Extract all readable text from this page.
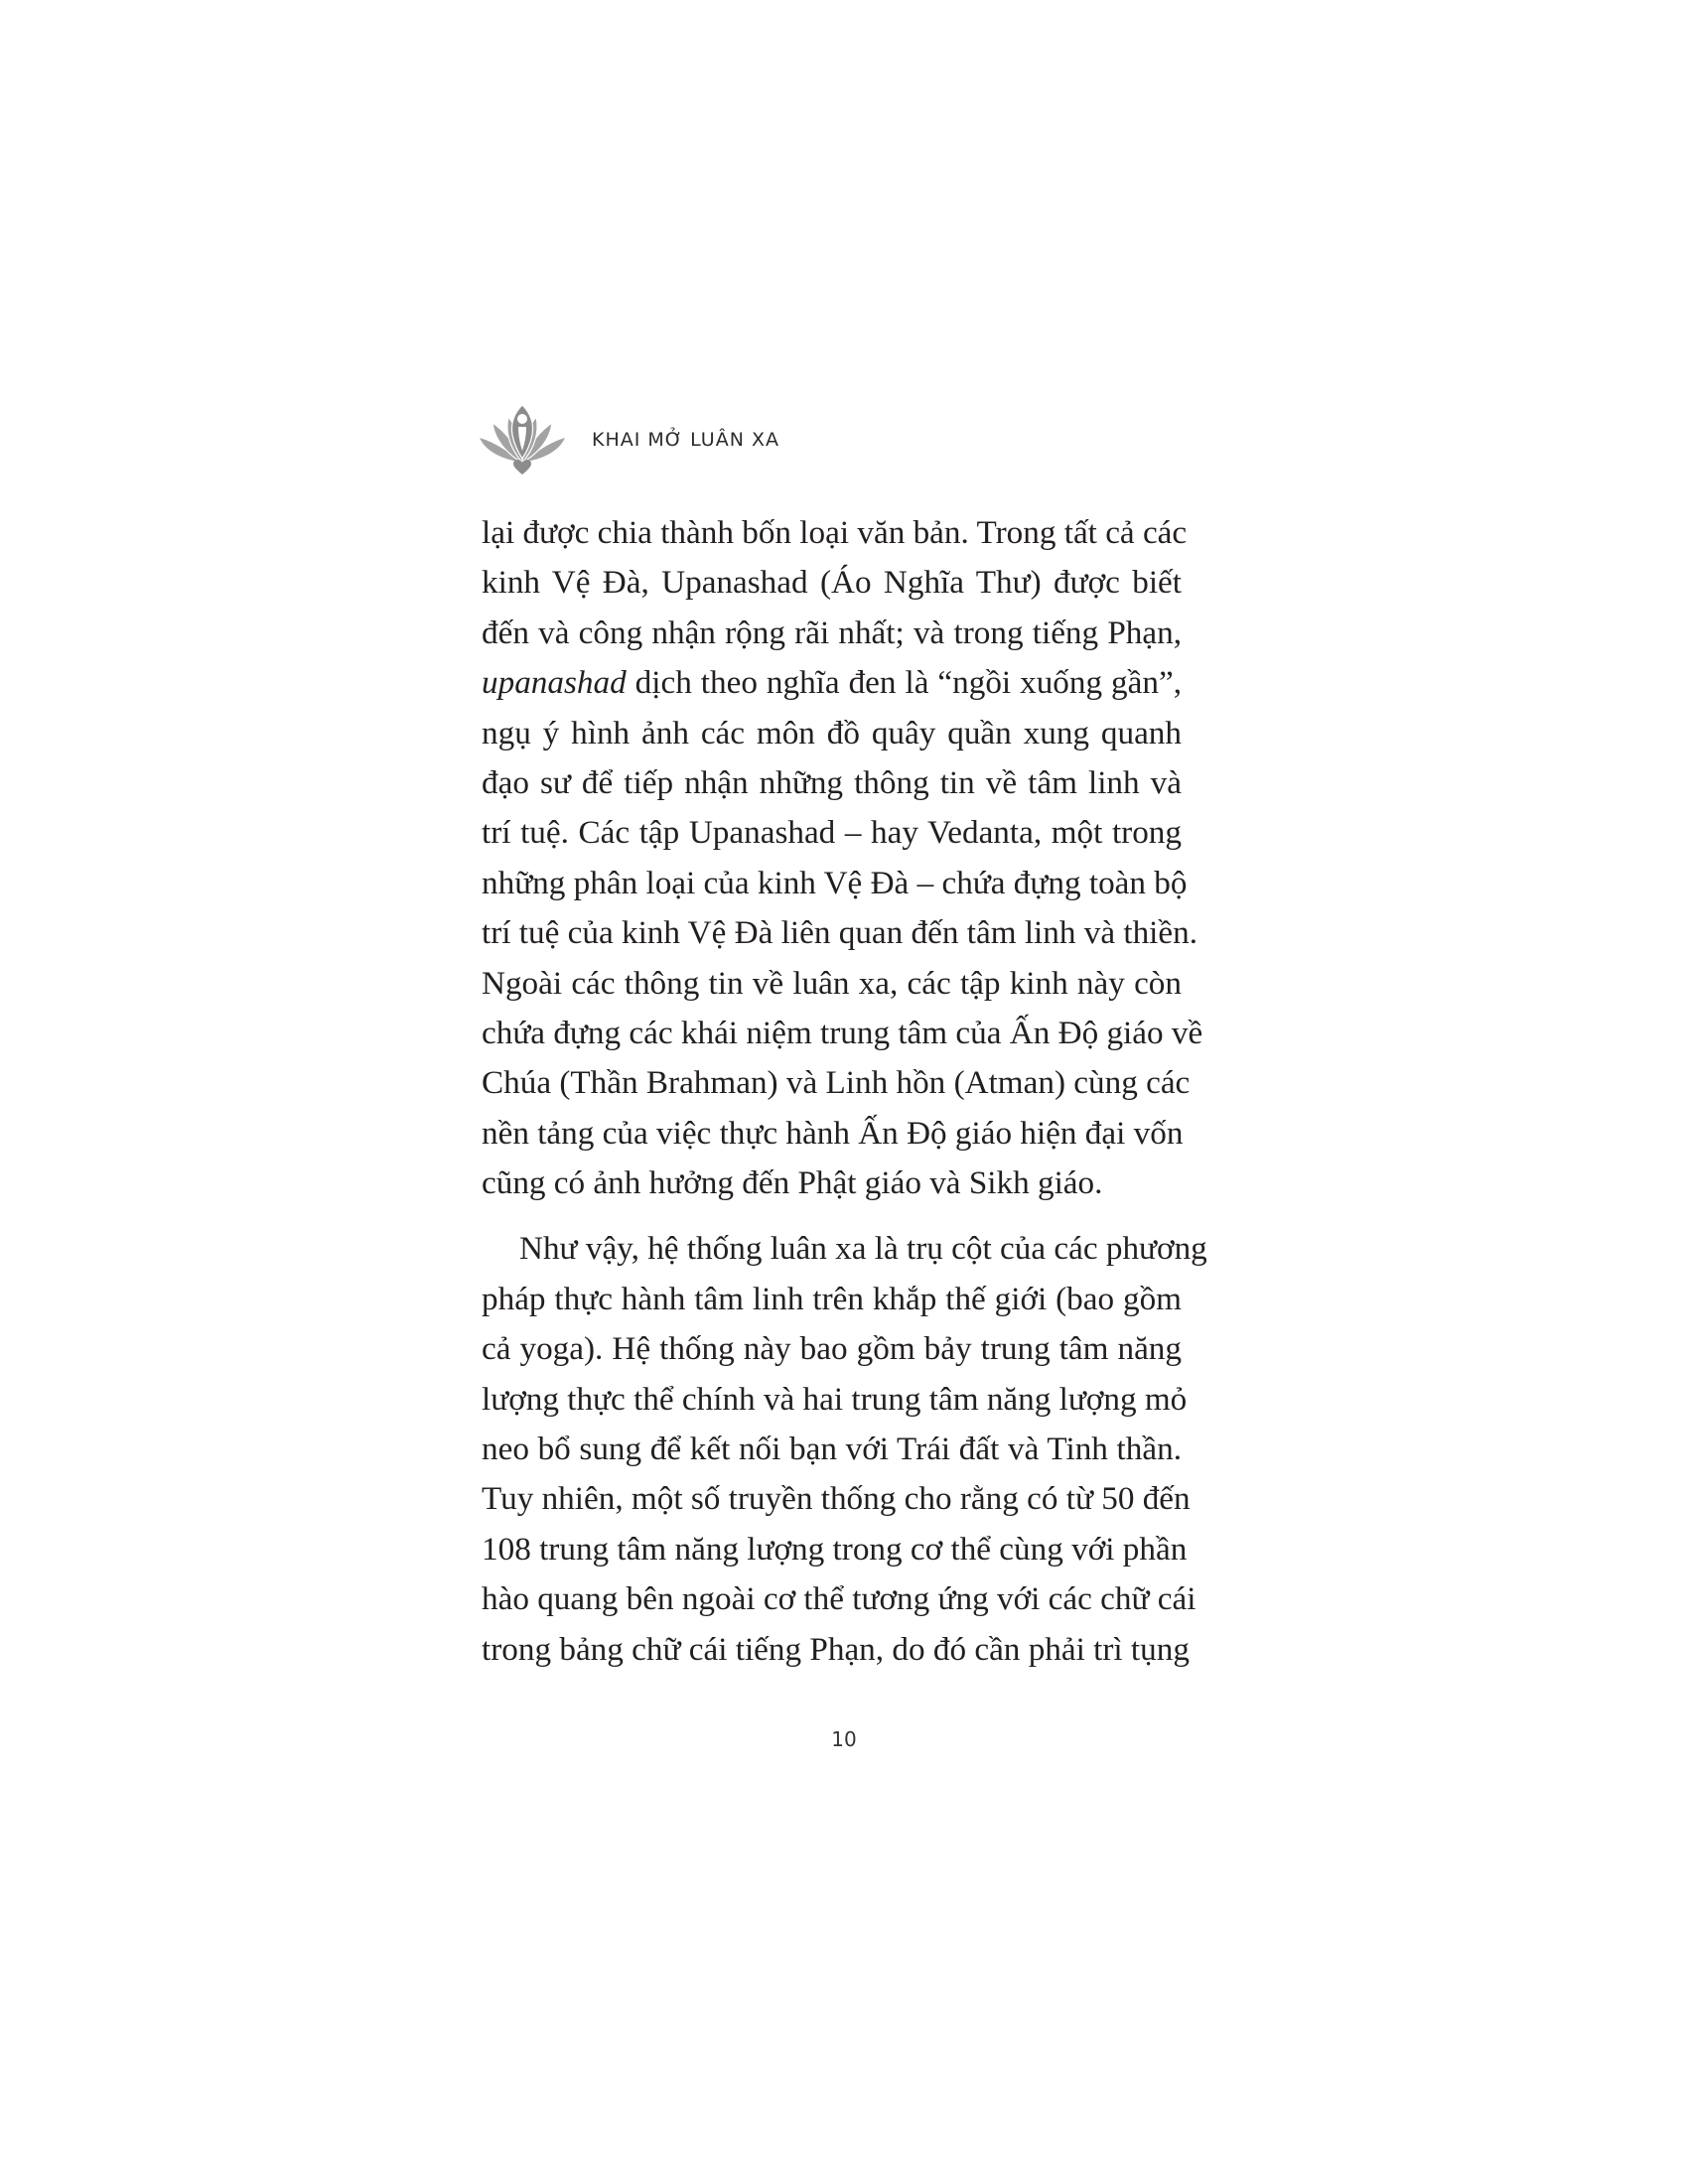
KHAI MỞ LUÂN XA

lại được chia thành bốn loại văn bản. Trong tất cả các
kinh Vệ Đà, Upanashad (Áo Nghĩa Thư) được biết
đến và công nhận rộng rãi nhất; và trong tiếng Phạn,
upanashad dịch theo nghĩa đen là “ngồi xuống gần”,
ngụ ý hình ảnh các môn đồ quây quần xung quanh
đạo sư để tiếp nhận những thông tin về tâm linh và
trí tuệ. Các tập Upanashad – hay Vedanta, một trong
những phân loại của kinh Vệ Đà – chứa đựng toàn bộ
trí tuệ của kinh Vệ Đà liên quan đến tâm linh và thiền.
Ngoài các thông tin về luân xa, các tập kinh này còn
chứa đựng các khái niệm trung tâm của Ấn Độ giáo về
Chúa (Thần Brahman) và Linh hồn (Atman) cùng các
nền tảng của việc thực hành Ấn Độ giáo hiện đại vốn
cũng có ảnh hưởng đến Phật giáo và Sikh giáo.

Như vậy, hệ thống luân xa là trụ cột của các phương
pháp thực hành tâm linh trên khắp thế giới (bao gồm
cả yoga). Hệ thống này bao gồm bảy trung tâm năng
lượng thực thể chính và hai trung tâm năng lượng mỏ
neo bổ sung để kết nối bạn với Trái đất và Tinh thần.
Tuy nhiên, một số truyền thống cho rằng có từ 50 đến
108 trung tâm năng lượng trong cơ thể cùng với phần
hào quang bên ngoài cơ thể tương ứng với các chữ cái
trong bảng chữ cái tiếng Phạn, do đó cần phải trì tụng

10
